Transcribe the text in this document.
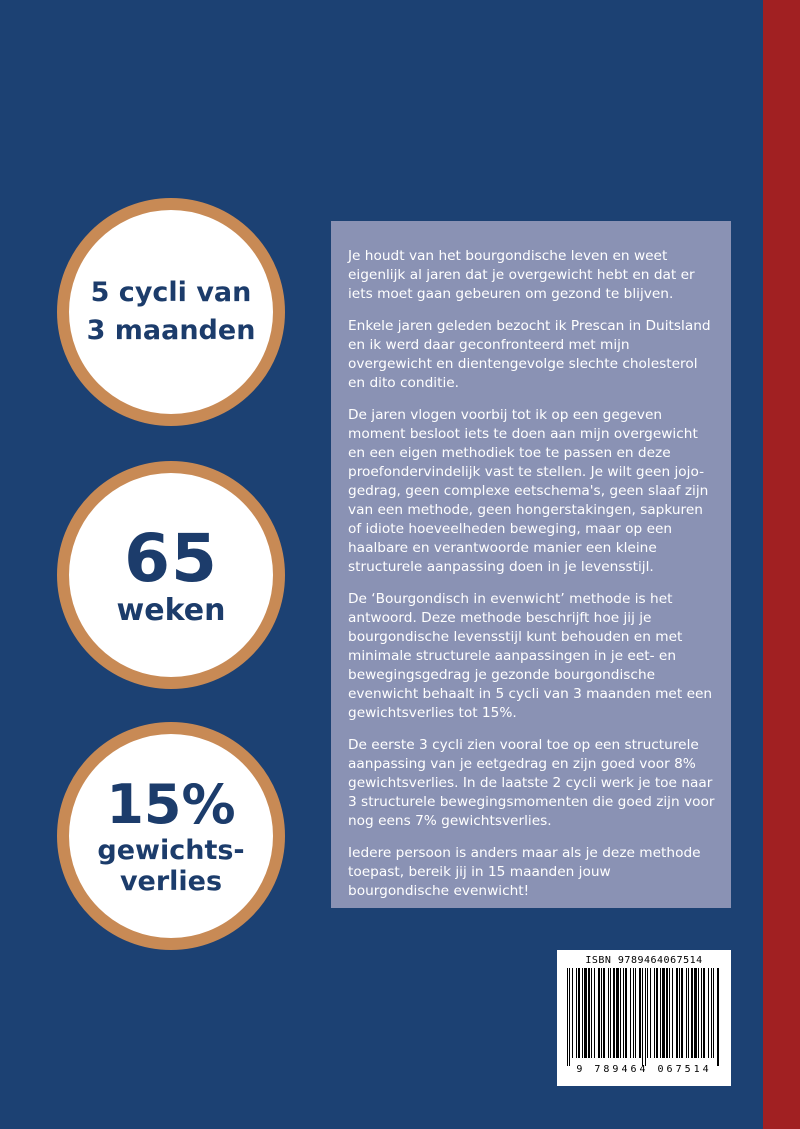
5 cycli van
3 maanden
65
weken
15%
gewichts-
verlies

Je houdt van het bourgondische leven en weet eigenlijk al jaren dat je overgewicht hebt en dat er iets moet gaan gebeuren om gezond te blijven.

Enkele jaren geleden bezocht ik Prescan in Duitsland en ik werd daar geconfronteerd met mijn overgewicht en dientengevolge slechte cholesterol en dito conditie.

De jaren vlogen voorbij tot ik op een gegeven moment besloot iets te doen aan mijn overgewicht en een eigen methodiek toe te passen en deze proefondervindelijk vast te stellen. Je wilt geen jojo-gedrag, geen complexe eetschema's, geen slaaf zijn van een methode, geen hongerstakingen, sapkuren of idiote hoeveelheden beweging, maar op een haalbare en verantwoorde manier een kleine structurele aanpassing doen in je levensstijl.

De ‘Bourgondisch in evenwicht’ methode is het antwoord. Deze methode beschrijft hoe jij je bourgondische levensstijl kunt behouden en met minimale structurele aanpassingen in je eet- en bewegingsgedrag je gezonde bourgondische evenwicht behaalt in 5 cycli van 3 maanden met een gewichtsverlies tot 15%.

De eerste 3 cycli zien vooral toe op een structurele aanpassing van je eetgedrag en zijn goed voor 8% gewichtsverlies. In de laatste 2 cycli werk je toe naar 3 structurele bewegingsmomenten die goed zijn voor nog eens 7% gewichtsverlies.

Iedere persoon is anders maar als je deze methode toepast, bereik jij in 15 maanden jouw bourgondische evenwicht!

ISBN 9789464067514
9 789464 067514
